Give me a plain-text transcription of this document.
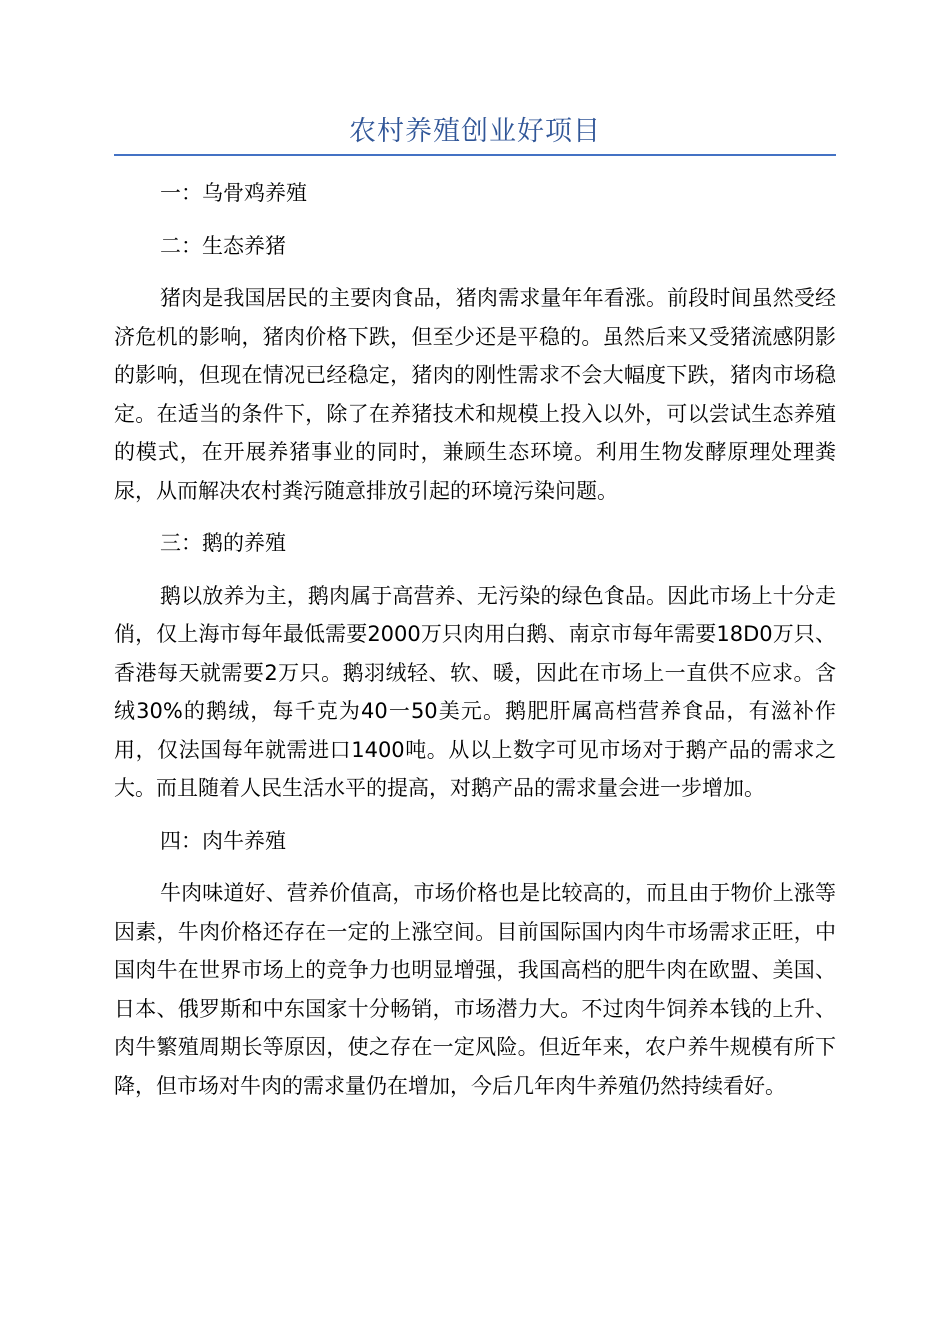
农村养殖创业好项目

一：乌骨鸡养殖

二：生态养猪

猪肉是我国居民的主要肉食品，猪肉需求量年年看涨。前段时间虽然受经济危机的影响，猪肉价格下跌，但至少还是平稳的。虽然后来又受猪流感阴影的影响，但现在情况已经稳定，猪肉的刚性需求不会大幅度下跌，猪肉市场稳定。在适当的条件下，除了在养猪技术和规模上投入以外，可以尝试生态养殖的模式，在开展养猪事业的同时，兼顾生态环境。利用生物发酵原理处理粪尿，从而解决农村粪污随意排放引起的环境污染问题。

三：鹅的养殖

鹅以放养为主，鹅肉属于高营养、无污染的绿色食品。因此市场上十分走俏，仅上海市每年最低需要2000万只肉用白鹅、南京市每年需要18D0万只、香港每天就需要2万只。鹅羽绒轻、软、暖，因此在市场上一直供不应求。含绒30%的鹅绒，每千克为40一50美元。鹅肥肝属高档营养食品，有滋补作用，仅法国每年就需进口1400吨。从以上数字可见市场对于鹅产品的需求之大。而且随着人民生活水平的提高，对鹅产品的需求量会进一步增加。

四：肉牛养殖

牛肉味道好、营养价值高，市场价格也是比较高的，而且由于物价上涨等因素，牛肉价格还存在一定的上涨空间。目前国际国内肉牛市场需求正旺，中国肉牛在世界市场上的竞争力也明显增强，我国高档的肥牛肉在欧盟、美国、日本、俄罗斯和中东国家十分畅销，市场潜力大。不过肉牛饲养本钱的上升、肉牛繁殖周期长等原因，使之存在一定风险。但近年来，农户养牛规模有所下降，但市场对牛肉的需求量仍在增加，今后几年肉牛养殖仍然持续看好。
